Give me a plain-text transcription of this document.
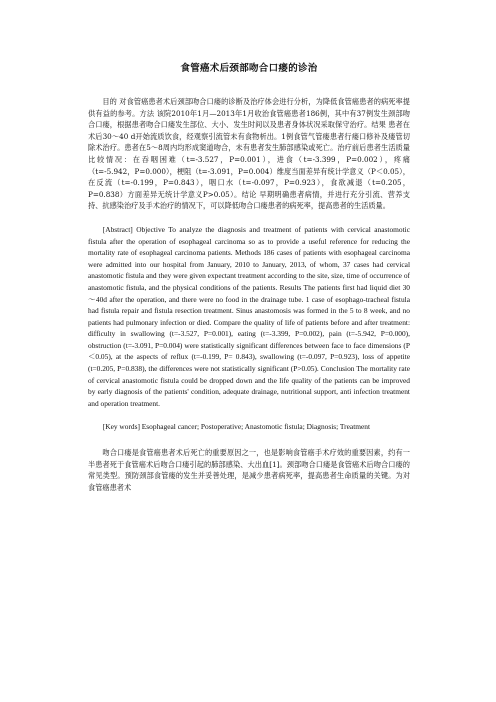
食管癌术后颈部吻合口瘘的诊治

目的 对食管癌患者术后颈部吻合口瘘的诊断及治疗体会进行分析，为降低食管癌患者的病死率提供有益的参考。方法 该院2010年1月—2013年1月收治食管癌患者186例，其中有37例发生颈部吻合口瘘，根据患者吻合口瘘发生部位、大小、发生时间以及患者身体状况采取保守治疗。结果 患者在术后30～40 d开始流质饮食，经观察引流管未有食物析出。1例食管气管瘘患者行瘘口修补及瘘管切除术治疗。患者在5～8周内均形成窦道吻合，未有患者发生肺部感染或死亡。治疗前后患者生活质量比较情况：在吞咽困难（t=-3.527，P=0.001），进食（t=-3.399，P=0.002），疼痛（t=-5.942，P=0.000），梗阻（t=-3.091，P=0.004）维度当面差异有统计学意义（P＜0.05），在反流（t=-0.199，P=0.843），咽口水（t=-0.097，P=0.923），食欲减退（t=0.205，P=0.838）方面差异无统计学意义P>0.05）。结论 早期明确患者病情，并进行充分引流、营养支持、抗感染治疗及手术治疗的情况下，可以降低吻合口瘘患者的病死率，提高患者的生活质量。

[Abstract] Objective To analyze the diagnosis and treatment of patients with cervical anastomotic fistula after the operation of esophageal carcinoma so as to provide a useful reference for reducing the mortality rate of esophageal carcinoma patients. Methods 186 cases of patients with esophageal carcinoma were admitted into our hospital from January, 2010 to January, 2013, of whom, 37 cases had cervical anastomotic fistula and they were given expectant treatment according to the site, size, time of occurrence of anastomotic fistula, and the physical conditions of the patients. Results The patients first had liquid diet 30～40d after the operation, and there were no food in the drainage tube. 1 case of esophago-tracheal fistula had fistula repair and fistula resection treatment. Sinus anastomosis was formed in the 5 to 8 week, and no patients had pulmonary infection or died. Compare the quality of life of patients before and after treatment: difficulty in swallowing (t=-3.527, P=0.001), eating (t=-3.399, P=0.002), pain (t=-5.942, P=0.000), obstruction (t=-3.091, P=0.004) were statistically significant differences between face to face dimensions (P＜0.05), at the aspects of reflux (t=-0.199, P= 0.843), swallowing (t=-0.097, P=0.923), loss of appetite (t=0.205, P=0.838), the differences were not statistically significant (P>0.05). Conclusion The mortality rate of cervical anastomotic fistula could be dropped down and the life quality of the patients can be improved by early diagnosis of the patients' condition, adequate drainage, nutritional support, anti infection treatment and operation treatment.

[Key words] Esophageal cancer; Postoperative; Anastomotic fistula; Diagnosis; Treatment

吻合口瘘是食管癌患者术后死亡的重要原因之一，也是影响食管癌手术疗效的重要因素，约有一半患者死于食管癌术后吻合口瘘引起的肺部感染、大出血[1]。颈部吻合口瘘是食管癌术后吻合口瘘的常见类型。预防颈部食管瘘的发生并妥善处理，是减少患者病死率，提高患者生命质量的关键。为对食管癌患者术
